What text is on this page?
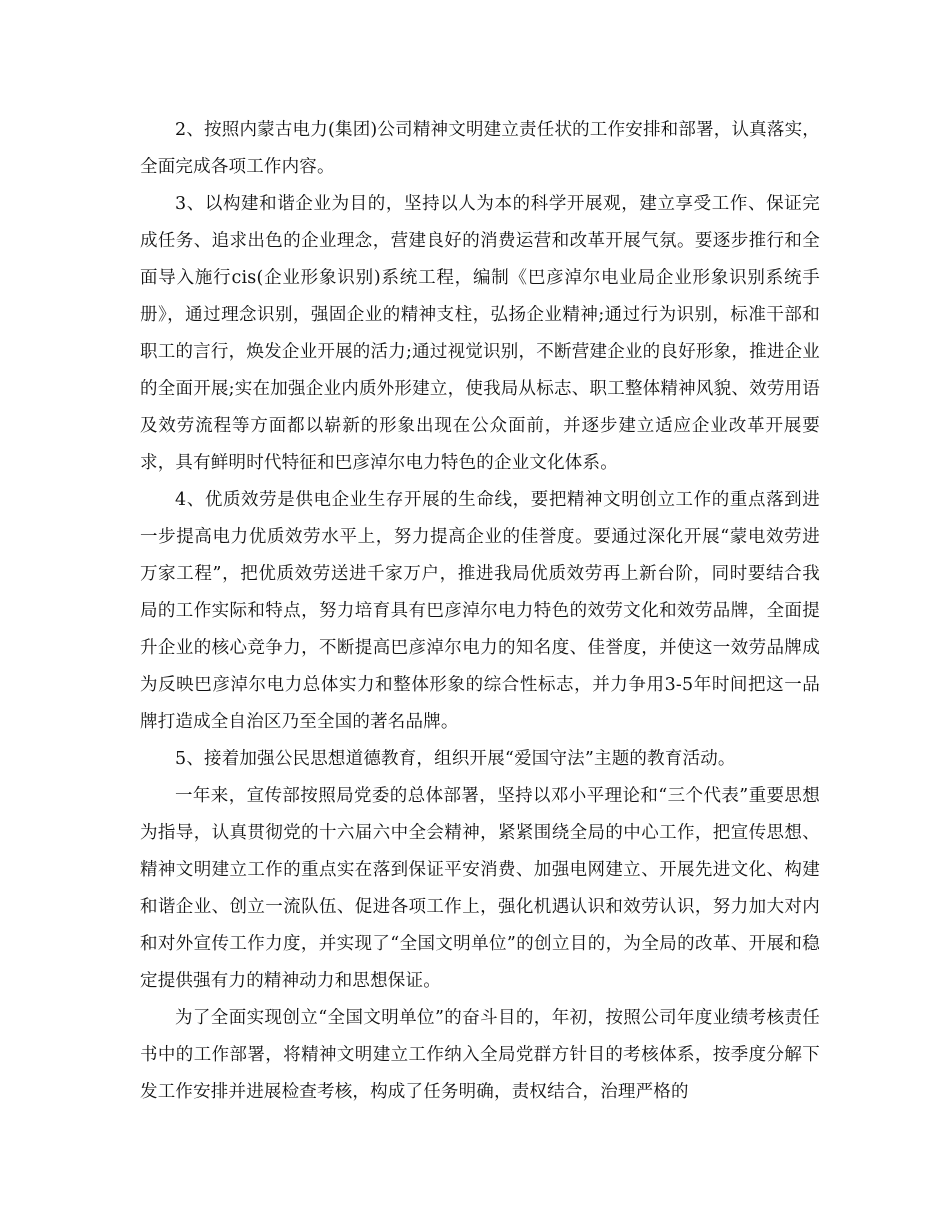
2、按照内蒙古电力(集团)公司精神文明建立责任状的工作安排和部署，认真落实，全面完成各项工作内容。

3、以构建和谐企业为目的，坚持以人为本的科学开展观，建立享受工作、保证完成任务、追求出色的企业理念，营建良好的消费运营和改革开展气氛。要逐步推行和全面导入施行cis(企业形象识别)系统工程，编制《巴彦淖尔电业局企业形象识别系统手册》，通过理念识别，强固企业的精神支柱，弘扬企业精神;通过行为识别，标准干部和职工的言行，焕发企业开展的活力;通过视觉识别，不断营建企业的良好形象，推进企业的全面开展;实在加强企业内质外形建立，使我局从标志、职工整体精神风貌、效劳用语及效劳流程等方面都以崭新的形象出现在公众面前，并逐步建立适应企业改革开展要求，具有鲜明时代特征和巴彦淖尔电力特色的企业文化体系。

4、优质效劳是供电企业生存开展的生命线，要把精神文明创立工作的重点落到进一步提高电力优质效劳水平上，努力提高企业的佳誉度。要通过深化开展“蒙电效劳进万家工程”，把优质效劳送进千家万户，推进我局优质效劳再上新台阶，同时要结合我局的工作实际和特点，努力培育具有巴彦淖尔电力特色的效劳文化和效劳品牌，全面提升企业的核心竞争力，不断提高巴彦淖尔电力的知名度、佳誉度，并使这一效劳品牌成为反映巴彦淖尔电力总体实力和整体形象的综合性标志，并力争用3-5年时间把这一品牌打造成全自治区乃至全国的著名品牌。

5、接着加强公民思想道德教育，组织开展“爱国守法”主题的教育活动。

一年来，宣传部按照局党委的总体部署，坚持以邓小平理论和“三个代表”重要思想为指导，认真贯彻党的十六届六中全会精神，紧紧围绕全局的中心工作，把宣传思想、精神文明建立工作的重点实在落到保证平安消费、加强电网建立、开展先进文化、构建和谐企业、创立一流队伍、促进各项工作上，强化机遇认识和效劳认识，努力加大对内和对外宣传工作力度，并实现了“全国文明单位”的创立目的，为全局的改革、开展和稳定提供强有力的精神动力和思想保证。

为了全面实现创立“全国文明单位”的奋斗目的，年初，按照公司年度业绩考核责任书中的工作部署，将精神文明建立工作纳入全局党群方针目的考核体系，按季度分解下发工作安排并进展检查考核，构成了任务明确，责权结合，治理严格的
